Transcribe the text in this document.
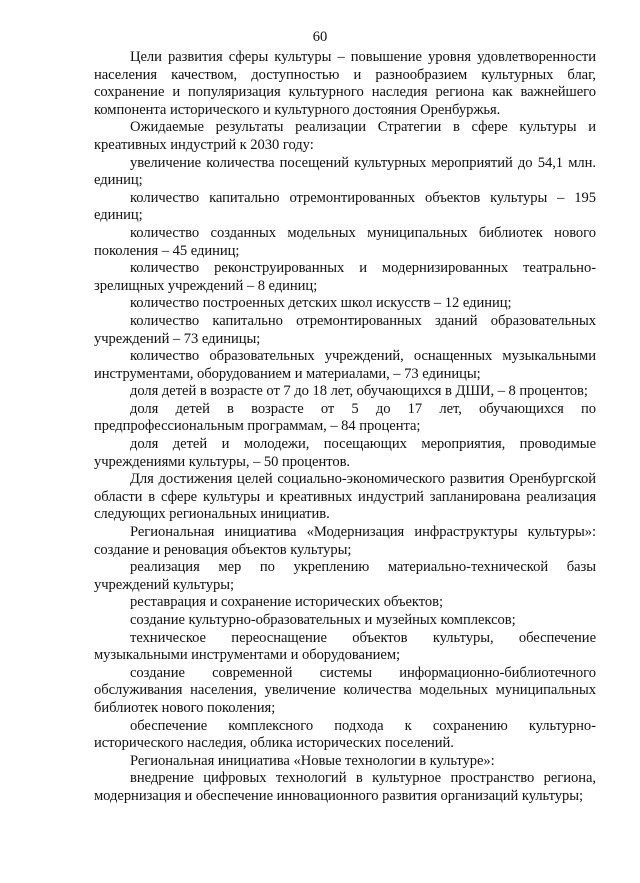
60

Цели развития сферы культуры – повышение уровня удовлетворенности населения качеством, доступностью и разнообразием культурных благ, сохранение и популяризация культурного наследия региона как важнейшего компонента исторического и культурного достояния Оренбуржья.

Ожидаемые результаты реализации Стратегии в сфере культуры и креативных индустрий к 2030 году:

увеличение количества посещений культурных мероприятий до 54,1 млн. единиц;

количество капитально отремонтированных объектов культуры – 195 единиц;

количество созданных модельных муниципальных библиотек нового поколения – 45 единиц;

количество реконструированных и модернизированных театрально-зрелищных учреждений – 8 единиц;

количество построенных детских школ искусств – 12 единиц;

количество капитально отремонтированных зданий образовательных учреждений – 73 единицы;

количество образовательных учреждений, оснащенных музыкальными инструментами, оборудованием и материалами, – 73 единицы;

доля детей в возрасте от 7 до 18 лет, обучающихся в ДШИ, – 8 процентов;

доля детей в возрасте от 5 до 17 лет, обучающихся по предпрофессиональным программам, – 84 процента;

доля детей и молодежи, посещающих мероприятия, проводимые учреждениями культуры, – 50 процентов.

Для достижения целей социально-экономического развития Оренбургской области в сфере культуры и креативных индустрий запланирована реализация следующих региональных инициатив.

Региональная инициатива «Модернизация инфраструктуры культуры»: создание и реновация объектов культуры;

реализация мер по укреплению материально-технической базы учреждений культуры;

реставрация и сохранение исторических объектов;

создание культурно-образовательных и музейных комплексов;

техническое переоснащение объектов культуры, обеспечение музыкальными инструментами и оборудованием;

создание современной системы информационно-библиотечного обслуживания населения, увеличение количества модельных муниципальных библиотек нового поколения;

обеспечение комплексного подхода к сохранению культурно-исторического наследия, облика исторических поселений.

Региональная инициатива «Новые технологии в культуре»:

внедрение цифровых технологий в культурное пространство региона, модернизация и обеспечение инновационного развития организаций культуры;
